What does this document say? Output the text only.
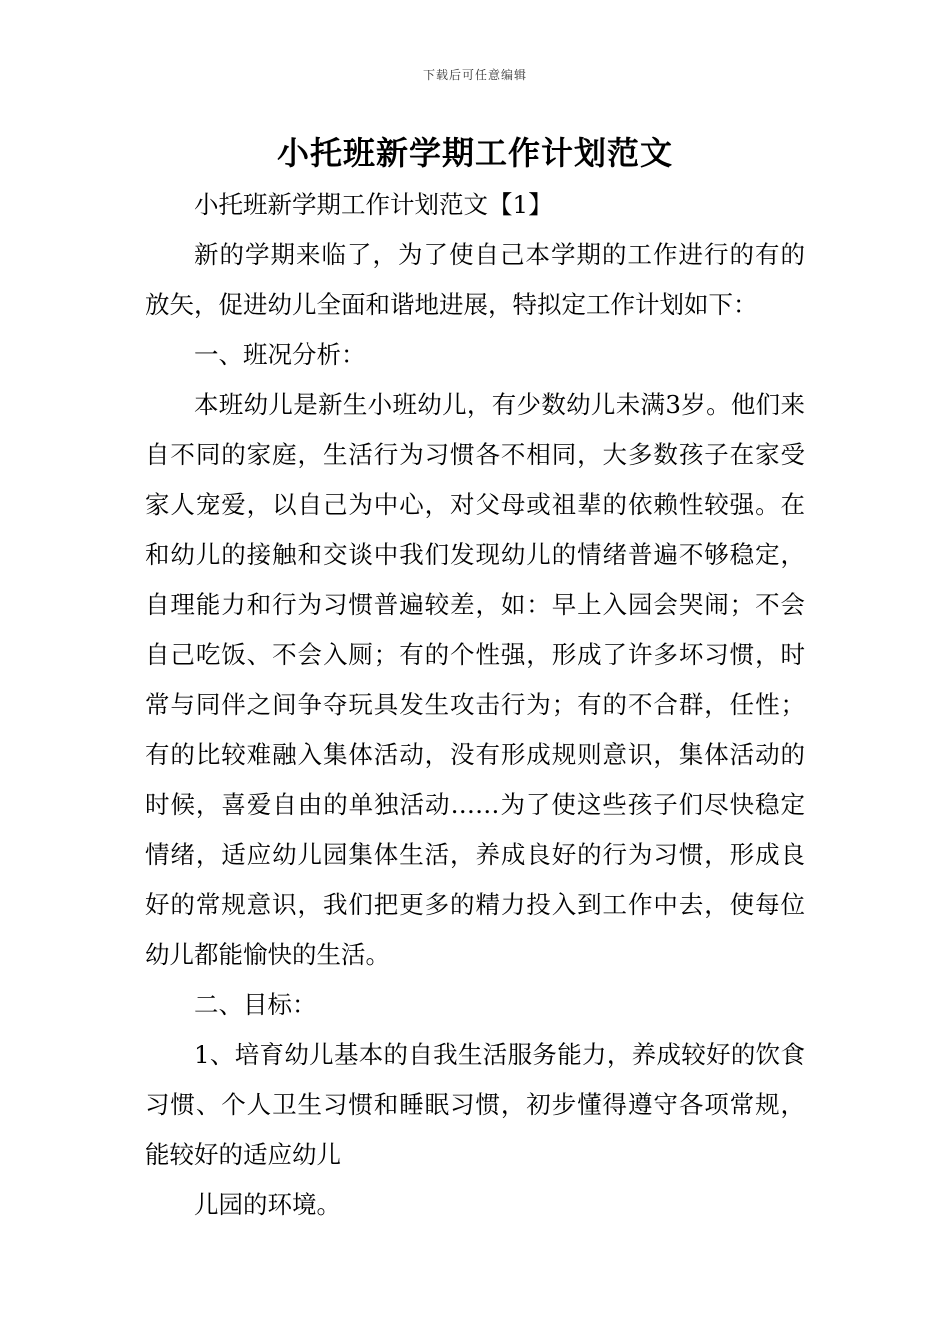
下载后可任意编辑
小托班新学期工作计划范文

小托班新学期工作计划范文【1】

新的学期来临了，为了使自己本学期的工作进行的有的放矢，促进幼儿全面和谐地进展，特拟定工作计划如下：

一、班况分析：

本班幼儿是新生小班幼儿，有少数幼儿未满3岁。他们来自不同的家庭，生活行为习惯各不相同，大多数孩子在家受家人宠爱，以自己为中心，对父母或祖辈的依赖性较强。在和幼儿的接触和交谈中我们发现幼儿的情绪普遍不够稳定，自理能力和行为习惯普遍较差，如：早上入园会哭闹；不会自己吃饭、不会入厕；有的个性强，形成了许多坏习惯，时常与同伴之间争夺玩具发生攻击行为；有的不合群，任性；有的比较难融入集体活动，没有形成规则意识，集体活动的时候，喜爱自由的单独活动……为了使这些孩子们尽快稳定情绪，适应幼儿园集体生活，养成良好的行为习惯，形成良好的常规意识，我们把更多的精力投入到工作中去，使每位幼儿都能愉快的生活。

二、目标：

1、培育幼儿基本的自我生活服务能力，养成较好的饮食习惯、个人卫生习惯和睡眠习惯，初步懂得遵守各项常规，能较好的适应幼儿

儿园的环境。
